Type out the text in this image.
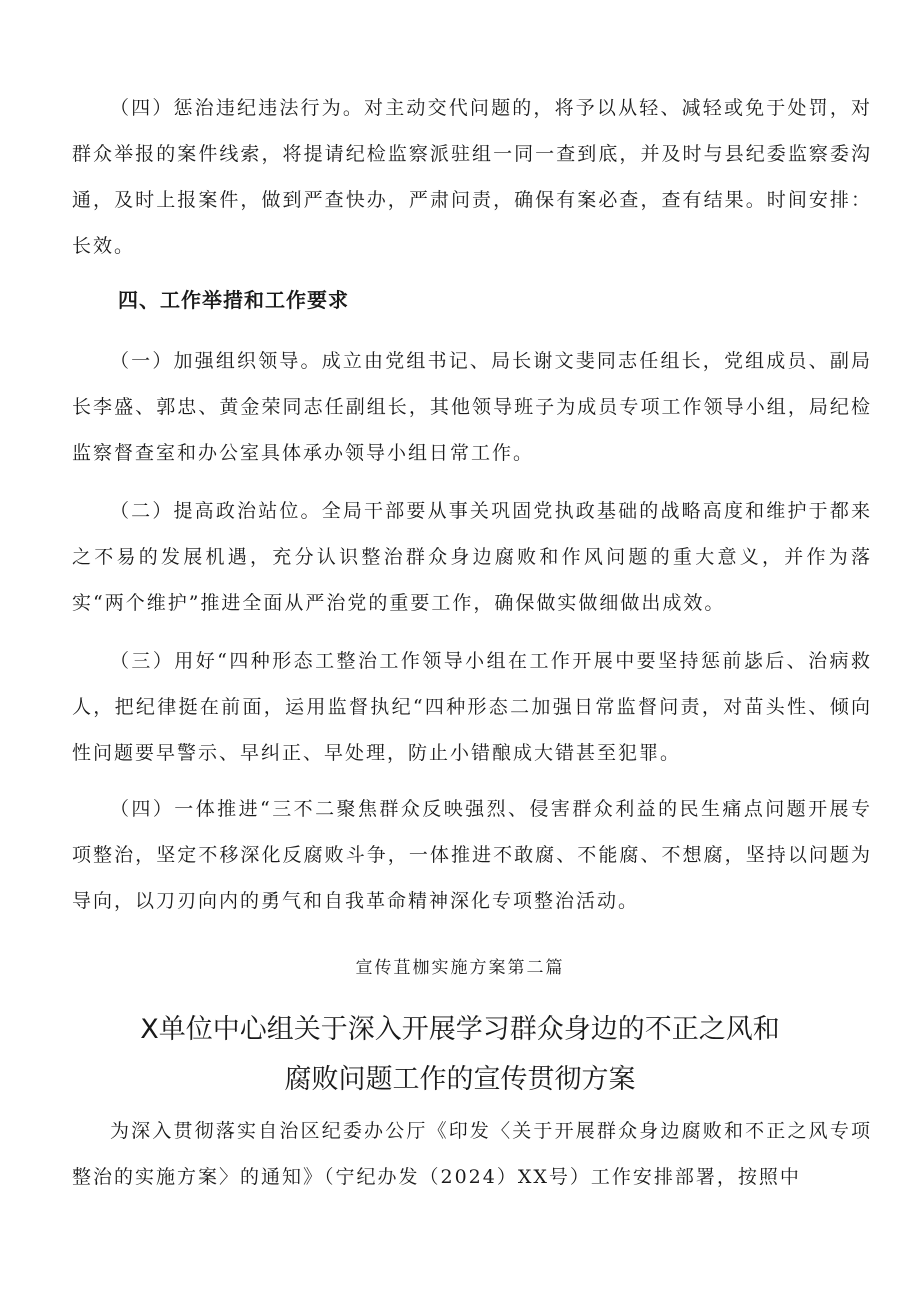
（四）惩治违纪违法行为。对主动交代问题的，将予以从轻、减轻或免于处罚，对群众举报的案件线索，将提请纪检监察派驻组一同一查到底，并及时与县纪委监察委沟通，及时上报案件，做到严查快办，严肃问责，确保有案必查，查有结果。时间安排：长效。

四、工作举措和工作要求

（一）加强组织领导。成立由党组书记、局长谢文斐同志任组长，党组成员、副局长李盛、郭忠、黄金荣同志任副组长，其他领导班子为成员专项工作领导小组，局纪检监察督查室和办公室具体承办领导小组日常工作。

（二）提高政治站位。全局干部要从事关巩固党执政基础的战略高度和维护于都来之不易的发展机遇，充分认识整治群众身边腐败和作风问题的重大意义，并作为落实“两个维护”推进全面从严治党的重要工作，确保做实做细做出成效。

（三）用好“四种形态工整治工作领导小组在工作开展中要坚持惩前毖后、治病救人，把纪律挺在前面，运用监督执纪“四种形态二加强日常监督问责，对苗头性、倾向性问题要早警示、早纠正、早处理，防止小错酿成大错甚至犯罪。

（四）一体推进“三不二聚焦群众反映强烈、侵害群众利益的民生痛点问题开展专项整治，坚定不移深化反腐败斗争，一体推进不敢腐、不能腐、不想腐，坚持以问题为导向，以刀刃向内的勇气和自我革命精神深化专项整治活动。

宣传苴枷实施方案第二篇

X单位中心组关于深入开展学习群众身边的不正之风和
腐败问题工作的宣传贯彻方案

为深入贯彻落实自治区纪委办公厅《印发〈关于开展群众身边腐败和不正之风专项整治的实施方案〉的通知》（宁纪办发（2024）XX号）工作安排部署，按照中
